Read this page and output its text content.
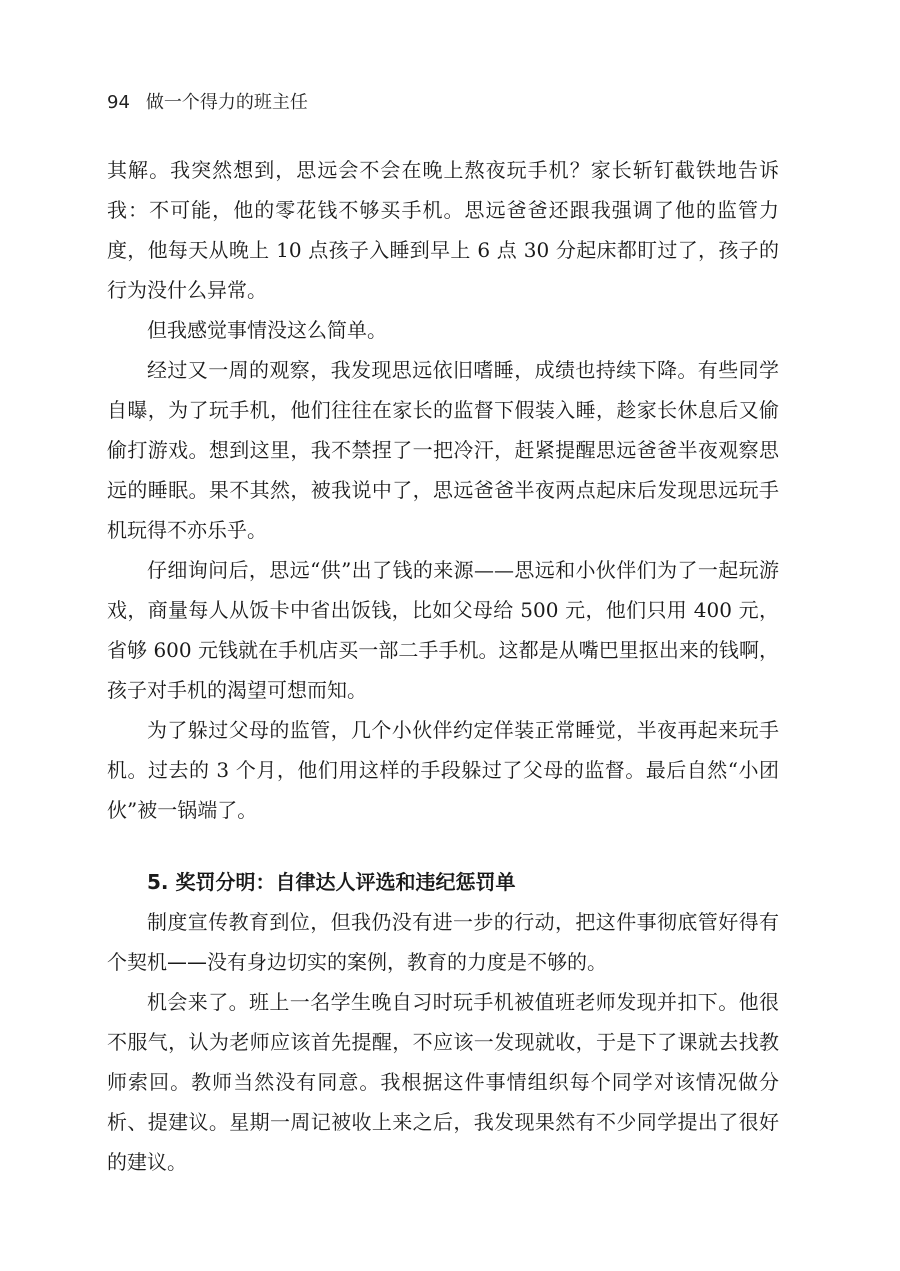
94 做一个得力的班主任

其解。我突然想到，思远会不会在晚上熬夜玩手机？家长斩钉截铁地告诉我：不可能，他的零花钱不够买手机。思远爸爸还跟我强调了他的监管力度，他每天从晚上 10 点孩子入睡到早上 6 点 30 分起床都盯过了，孩子的行为没什么异常。

但我感觉事情没这么简单。

经过又一周的观察，我发现思远依旧嗜睡，成绩也持续下降。有些同学自曝，为了玩手机，他们往往在家长的监督下假装入睡，趁家长休息后又偷偷打游戏。想到这里，我不禁捏了一把冷汗，赶紧提醒思远爸爸半夜观察思远的睡眠。果不其然，被我说中了，思远爸爸半夜两点起床后发现思远玩手机玩得不亦乐乎。

仔细询问后，思远“供”出了钱的来源——思远和小伙伴们为了一起玩游戏，商量每人从饭卡中省出饭钱，比如父母给 500 元，他们只用 400 元，省够 600 元钱就在手机店买一部二手手机。这都是从嘴巴里抠出来的钱啊，孩子对手机的渴望可想而知。

为了躲过父母的监管，几个小伙伴约定佯装正常睡觉，半夜再起来玩手机。过去的 3 个月，他们用这样的手段躲过了父母的监督。最后自然“小团伙”被一锅端了。

5. 奖罚分明：自律达人评选和违纪惩罚单

制度宣传教育到位，但我仍没有进一步的行动，把这件事彻底管好得有个契机——没有身边切实的案例，教育的力度是不够的。

机会来了。班上一名学生晚自习时玩手机被值班老师发现并扣下。他很不服气，认为老师应该首先提醒，不应该一发现就收，于是下了课就去找教师索回。教师当然没有同意。我根据这件事情组织每个同学对该情况做分析、提建议。星期一周记被收上来之后，我发现果然有不少同学提出了很好的建议。
